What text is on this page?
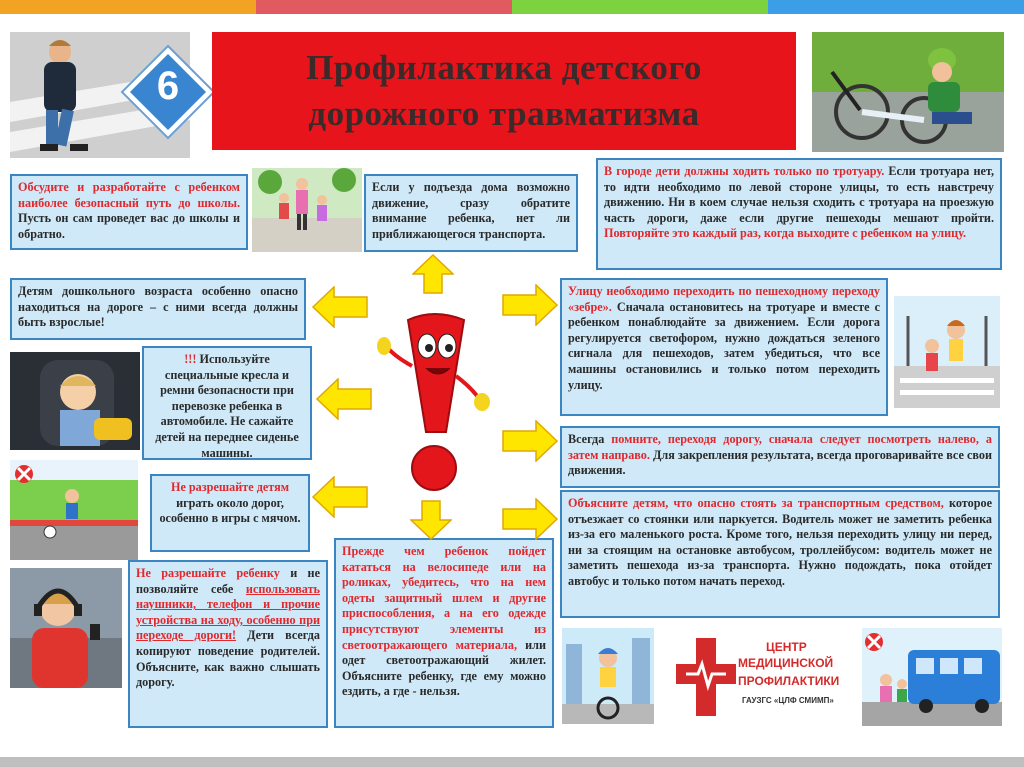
6	Профилактика детского
дорожного травматизма
Обсудите и разработайте с ребенком наиболее безопасный путь до школы. Пусть он сам проведет вас до школы и обратно.
Если у подъезда дома возможно движение, сразу обратите внимание ребенка, нет ли приближающегося транспорта.
В городе дети должны ходить только по тротуару. Если тротуара нет, то идти необходимо по левой стороне улицы, то есть навстречу движению. Ни в коем случае нельзя сходить с тротуара на проезжую часть дороги, даже если другие пешеходы мешают пройти. Повторяйте это каждый раз, когда выходите с ребенком на улицу.
Детям дошкольного возраста особенно опасно находиться на дороге – с ними всегда должны быть взрослые!
Улицу необходимо переходить по пешеходному переходу «зебре». Сначала остановитесь на тротуаре и вместе с ребенком понаблюдайте за движением. Если дорога регулируется светофором, нужно дождаться зеленого сигнала для пешеходов, затем убедиться, что все машины остановились и только потом переходить улицу.
!!! Используйте специальные кресла и ремни безопасности при перевозке ребенка в автомобиле. Не сажайте детей на переднее сиденье машины.
Всегда помните, переходя дорогу, сначала следует посмотреть налево, а затем направо. Для закрепления результата, всегда проговаривайте все свои движения.
Не разрешайте детям играть около дорог, особенно в игры с мячом.
Объясните детям, что опасно стоять за транспортным средством, которое отъезжает со стоянки или паркуется. Водитель может не заметить ребенка из-за его маленького роста. Кроме того, нельзя переходить улицу ни перед, ни за стоящим на остановке автобусом, троллейбусом: водитель может не заметить пешехода из-за транспорта. Нужно подождать, пока отойдет автобус и только потом начать переход.
Не разрешайте ребенку и не позволяйте себе использовать наушники, телефон и прочие устройства на ходу, особенно при переходе дороги! Дети всегда копируют поведение родителей. Объясните, как важно слышать дорогу.
Прежде чем ребенок пойдет кататься на велосипеде или на роликах, убедитесь, что на нем одеты защитный шлем и другие приспособления, а на его одежде присутствуют элементы из светоотражающего материала, или одет светоотражающий жилет. Объясните ребенку, где ему можно ездить, а где - нельзя.
ЦЕНТР
МЕДИЦИНСКОЙ
ПРОФИЛАКТИКИ
ГАУЗГС «ЦЛФ СМИМП»
